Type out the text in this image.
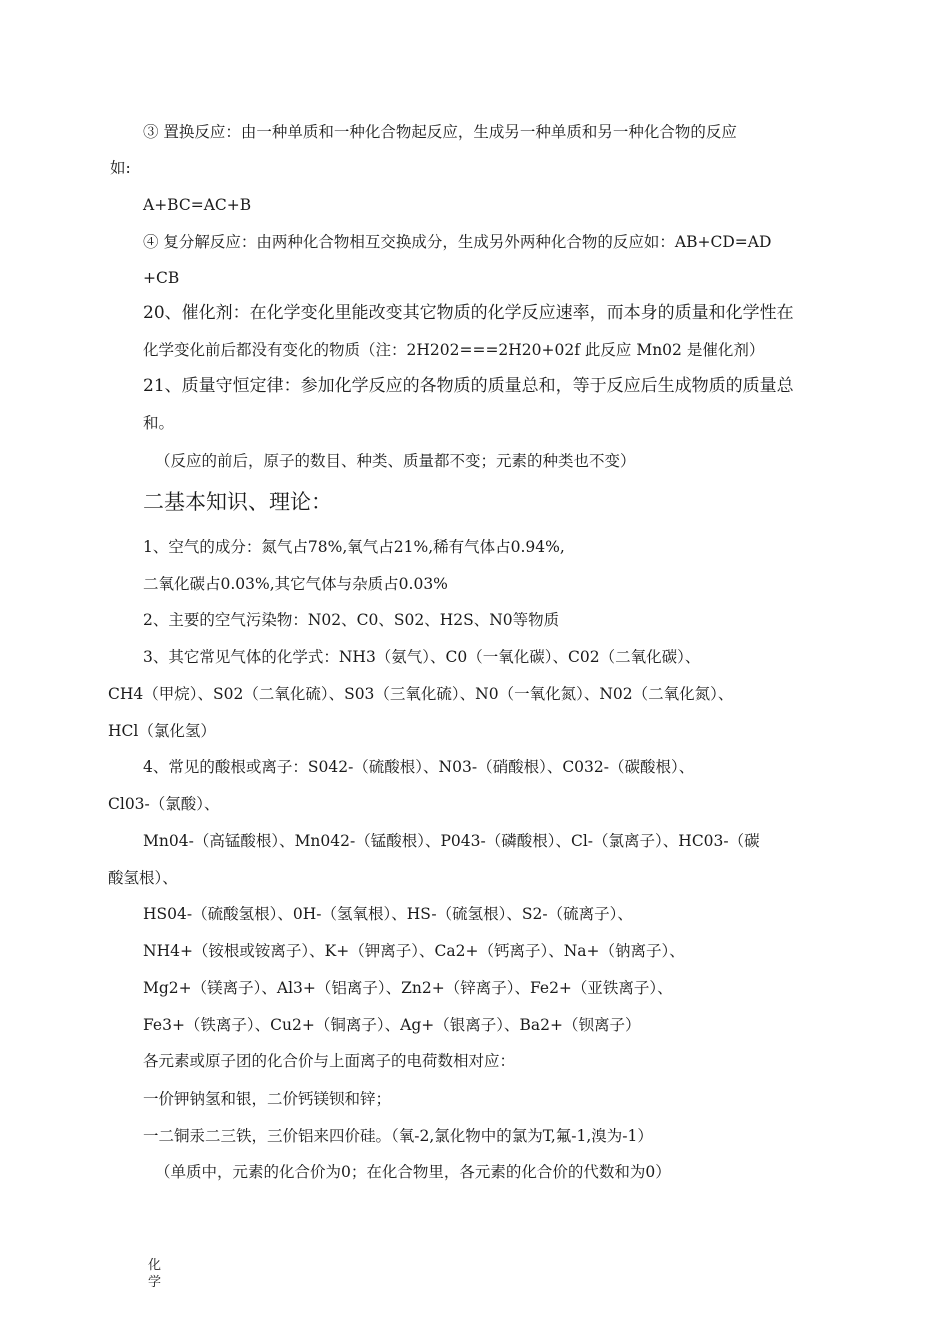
③ 置换反应：由一种单质和一种化合物起反应，生成另一种单质和另一种化合物的反应
如:
A+BC=AC+B
④ 复分解反应：由两种化合物相互交换成分，生成另外两种化合物的反应如：AB+CD=AD
+CB
20、催化剂：在化学变化里能改变其它物质的化学反应速率，而本身的质量和化学性在
化学变化前后都没有变化的物质（注：2H202===2H20+02f 此反应 Mn02 是催化剂）
21、质量守恒定律：参加化学反应的各物质的质量总和，等于反应后生成物质的质量总
和。
（反应的前后，原子的数目、种类、质量都不变；元素的种类也不变）
二基本知识、理论：
1、空气的成分：氮气占78%,氧气占21%,稀有气体占0.94%,
二氧化碳占0.03%,其它气体与杂质占0.03%
2、主要的空气污染物：N02、C0、S02、H2S、N0等物质
3、其它常见气体的化学式：NH3（氨气）、C0（一氧化碳）、C02（二氧化碳）、
CH4（甲烷）、S02（二氧化硫）、S03（三氧化硫）、N0（一氧化氮）、N02（二氧化氮）、
HCl（氯化氢）
4、常见的酸根或离子：S042-（硫酸根）、N03-（硝酸根）、C032-（碳酸根）、
Cl03-（氯酸）、
Mn04-（高锰酸根）、Mn042-（锰酸根）、P043-（磷酸根）、Cl-（氯离子）、HC03-（碳
酸氢根）、
HS04-（硫酸氢根）、0H-（氢氧根）、HS-（硫氢根）、S2-（硫离子）、
NH4+（铵根或铵离子）、K+（钾离子）、Ca2+（钙离子）、Na+（钠离子）、
Mg2+（镁离子）、Al3+（铝离子）、Zn2+（锌离子）、Fe2+（亚铁离子）、
Fe3+（铁离子）、Cu2+（铜离子）、Ag+（银离子）、Ba2+（钡离子）
各元素或原子团的化合价与上面离子的电荷数相对应：
一价钾钠氢和银，二价钙镁钡和锌；
一二铜汞二三铁，三价铝来四价硅。（氧-2,氯化物中的氯为T,氟-1,溴为-1）
（单质中，元素的化合价为0；在化合物里，各元素的化合价的代数和为0）
化
学
